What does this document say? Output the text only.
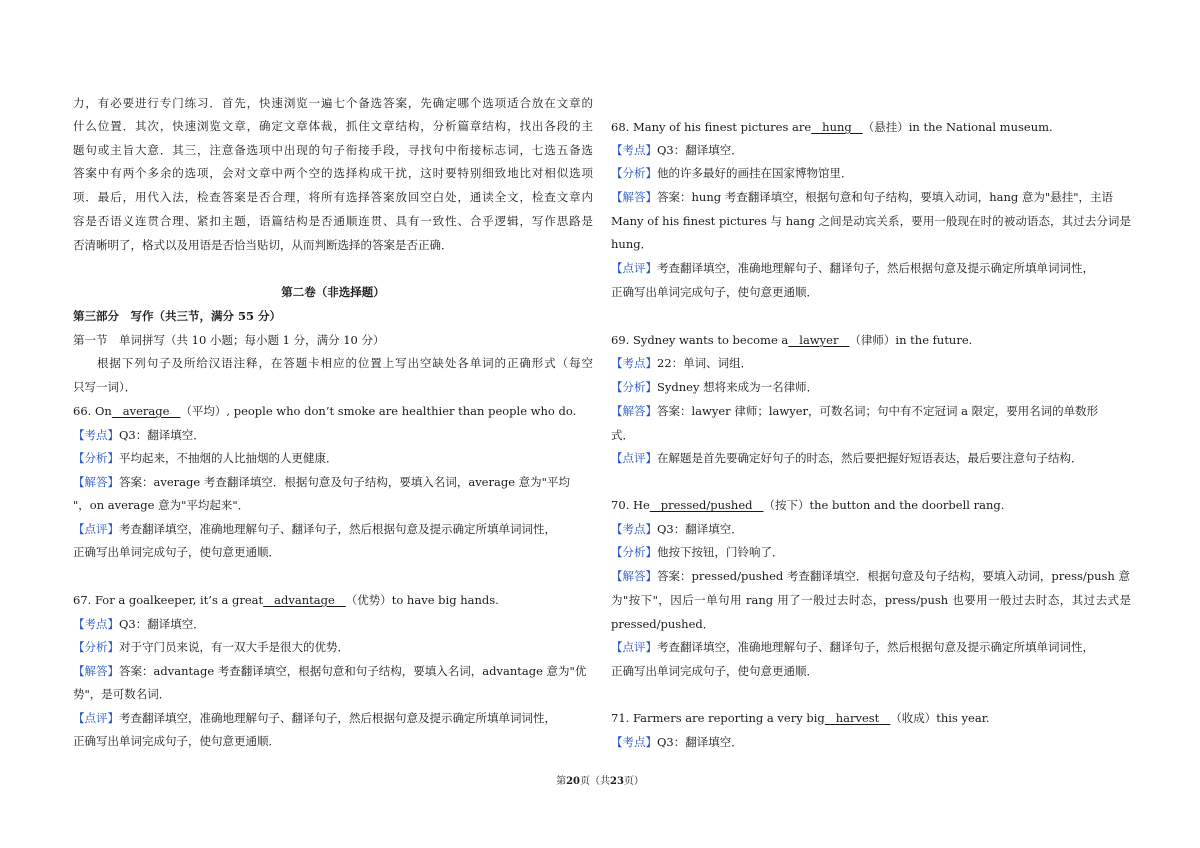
力，有必要进行专门练习．首先，快速浏览一遍七个备选答案，先确定哪个选项适合放在文章的
什么位置．其次，快速浏览文章，确定文章体裁，抓住文章结构，分析篇章结构，找出各段的主
题句或主旨大意．其三，注意备选项中出现的句子衔接手段，寻找句中衔接标志词，七选五备选
答案中有两个多余的选项，会对文章中两个空的选择构成干扰，这时要特别细致地比对相似选项
项．最后，用代入法，检查答案是否合理，将所有选择答案放回空白处，通读全文，检查文章内
容是否语义连贯合理、紧扣主题，语篇结构是否通顺连贯、具有一致性、合乎逻辑，写作思路是
否清晰明了，格式以及用语是否恰当贴切，从而判断选择的答案是否正确．
第二卷（非选择题）
第三部分　写作（共三节，满分 55 分）
第一节　单词拼写（共 10 小题；每小题 1 分，满分 10 分）
根据下列句子及所给汉语注释，在答题卡相应的位置上写出空缺处各单词的正确形式（每空
只写一词）．
66. On   average   （平均）, people who don’t smoke are healthier than people who do.
【考点】Q3：翻译填空．
【分析】平均起来，不抽烟的人比抽烟的人更健康．
【解答】答案：average 考查翻译填空．根据句意及句子结构，要填入名词，average 意为"平均
"，on average 意为"平均起来"．
【点评】考查翻译填空，准确地理解句子、翻译句子，然后根据句意及提示确定所填单词词性，
正确写出单词完成句子，使句意更通顺．
67. For a goalkeeper, it’s a great   advantage   （优势）to have big hands.
【考点】Q3：翻译填空．
【分析】对于守门员来说，有一双大手是很大的优势．
【解答】答案：advantage 考查翻译填空，根据句意和句子结构，要填入名词，advantage 意为"优
势"，是可数名词．
【点评】考查翻译填空，准确地理解句子、翻译句子，然后根据句意及提示确定所填单词词性，
正确写出单词完成句子，使句意更通顺．
68. Many of his finest pictures are   hung   （悬挂）in the National museum.
【考点】Q3：翻译填空．
【分析】他的许多最好的画挂在国家博物馆里．
【解答】答案：hung 考查翻译填空，根据句意和句子结构，要填入动词，hang 意为"悬挂"，主语
Many of his finest pictures 与 hang 之间是动宾关系，要用一般现在时的被动语态，其过去分词是
hung．
【点评】考查翻译填空，准确地理解句子、翻译句子，然后根据句意及提示确定所填单词词性，
正确写出单词完成句子，使句意更通顺．
69. Sydney wants to become a   lawyer   （律师）in the future.
【考点】22：单词、词组．
【分析】Sydney 想将来成为一名律师．
【解答】答案：lawyer 律师；lawyer，可数名词；句中有不定冠词 a 限定，要用名词的单数形
式．
【点评】在解题是首先要确定好句子的时态，然后要把握好短语表达，最后要注意句子结构．
70. He   pressed/pushed   （按下）the button and the doorbell rang.
【考点】Q3：翻译填空．
【分析】他按下按钮，门铃响了．
【解答】答案：pressed/pushed 考查翻译填空．根据句意及句子结构，要填入动词，press/push 意
为"按下"，因后一单句用 rang 用了一般过去时态，press/push 也要用一般过去时态，其过去式是
pressed/pushed．
【点评】考查翻译填空，准确地理解句子、翻译句子，然后根据句意及提示确定所填单词词性，
正确写出单词完成句子，使句意更通顺．
71. Farmers are reporting a very big   harvest   （收成）this year.
【考点】Q3：翻译填空．
第20页（共23页）
